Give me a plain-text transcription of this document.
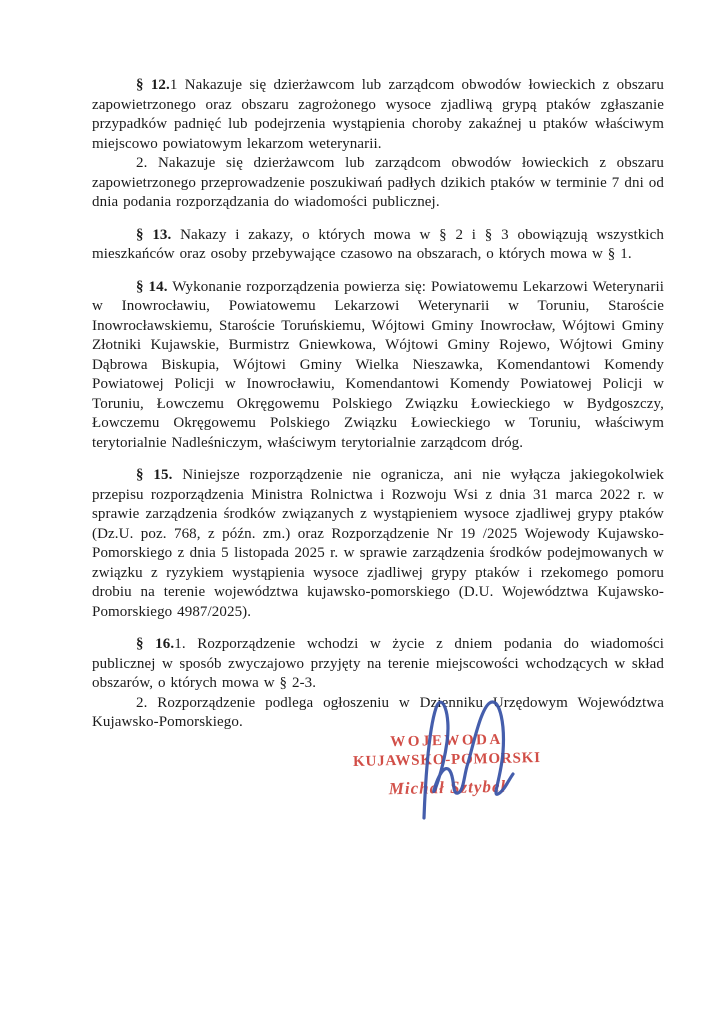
§ 12.1 Nakazuje się dzierżawcom lub zarządcom obwodów łowieckich z obszaru zapowietrzonego oraz obszaru zagrożonego wysoce zjadliwą grypą ptaków zgłaszanie przypadków padnięć lub podejrzenia wystąpienia choroby zakaźnej u ptaków właściwym miejscowo powiatowym lekarzom weterynarii.

2. Nakazuje się dzierżawcom lub zarządcom obwodów łowieckich z obszaru zapowietrzonego przeprowadzenie poszukiwań padłych dzikich ptaków w terminie 7 dni od dnia podania rozporządzania do wiadomości publicznej.

§ 13. Nakazy i zakazy, o których mowa w § 2 i § 3 obowiązują wszystkich mieszkańców oraz osoby przebywające czasowo na obszarach, o których mowa w § 1.

§ 14. Wykonanie rozporządzenia powierza się: Powiatowemu Lekarzowi Weterynarii w Inowrocławiu, Powiatowemu Lekarzowi Weterynarii w Toruniu, Staroście Inowrocławskiemu, Staroście Toruńskiemu, Wójtowi Gminy Inowrocław, Wójtowi Gminy Złotniki Kujawskie, Burmistrz Gniewkowa, Wójtowi Gminy Rojewo, Wójtowi Gminy Dąbrowa Biskupia, Wójtowi Gminy Wielka Nieszawka, Komendantowi Komendy Powiatowej Policji w Inowrocławiu, Komendantowi Komendy Powiatowej Policji w Toruniu, Łowczemu Okręgowemu Polskiego Związku Łowieckiego w Bydgoszczy, Łowczemu Okręgowemu Polskiego Związku Łowieckiego w Toruniu, właściwym terytorialnie Nadleśniczym, właściwym terytorialnie zarządcom dróg.

§ 15. Niniejsze rozporządzenie nie ogranicza, ani nie wyłącza jakiegokolwiek przepisu rozporządzenia Ministra Rolnictwa i Rozwoju Wsi z dnia 31 marca 2022 r. w sprawie zarządzenia środków związanych z wystąpieniem wysoce zjadliwej grypy ptaków (Dz.U. poz. 768, z późn. zm.) oraz Rozporządzenie Nr 19 /2025 Wojewody Kujawsko-Pomorskiego z dnia 5 listopada 2025 r. w sprawie zarządzenia środków podejmowanych w związku z ryzykiem wystąpienia wysoce zjadliwej grypy ptaków i rzekomego pomoru drobiu na terenie województwa kujawsko-pomorskiego (D.U. Województwa Kujawsko-Pomorskiego 4987/2025).

§ 16.1. Rozporządzenie wchodzi w życie z dniem podania do wiadomości publicznej w sposób zwyczajowo przyjęty na terenie miejscowości wchodzących w skład obszarów, o których mowa w § 2-3.

2. Rozporządzenie podlega ogłoszeniu w Dzienniku Urzędowym Województwa Kujawsko-Pomorskiego.

WOJEWODA
KUJAWSKO-POMORSKI
Michał Sztybel
